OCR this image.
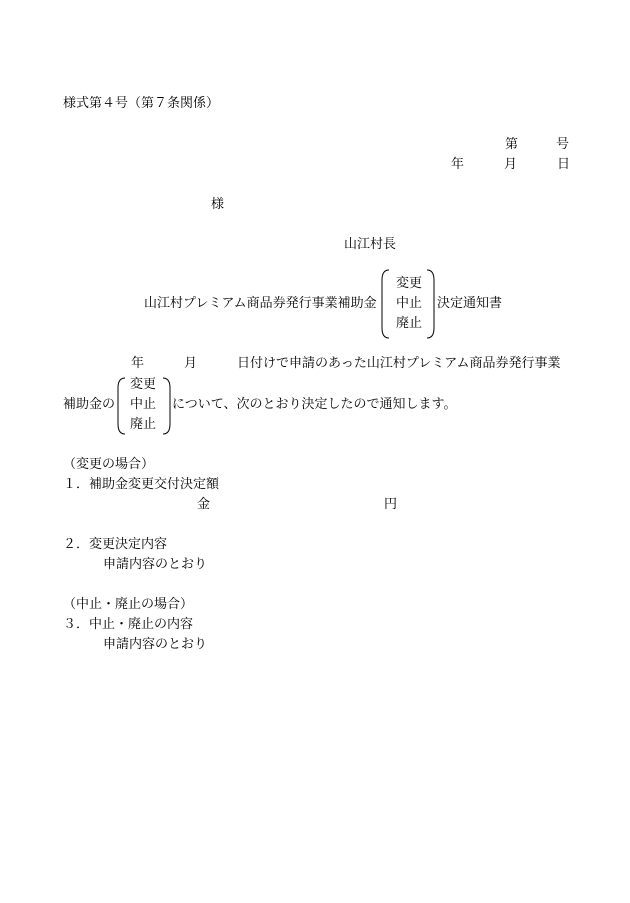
様式第４号（第７条関係）
第	号
年	月	日
様
山江村長
山江村プレミアム商品券発行事業補助金
変更
中止
廃止
決定通知書
年	月	日付けで申請のあった山江村プレミアム商品券発行事業
補助金の
変更
中止
廃止
について、次のとおり決定したので通知します。
（変更の場合）
１．補助金変更交付決定額
金	円
２．変更決定内容
申請内容のとおり
（中止・廃止の場合）
３．中止・廃止の内容
申請内容のとおり
